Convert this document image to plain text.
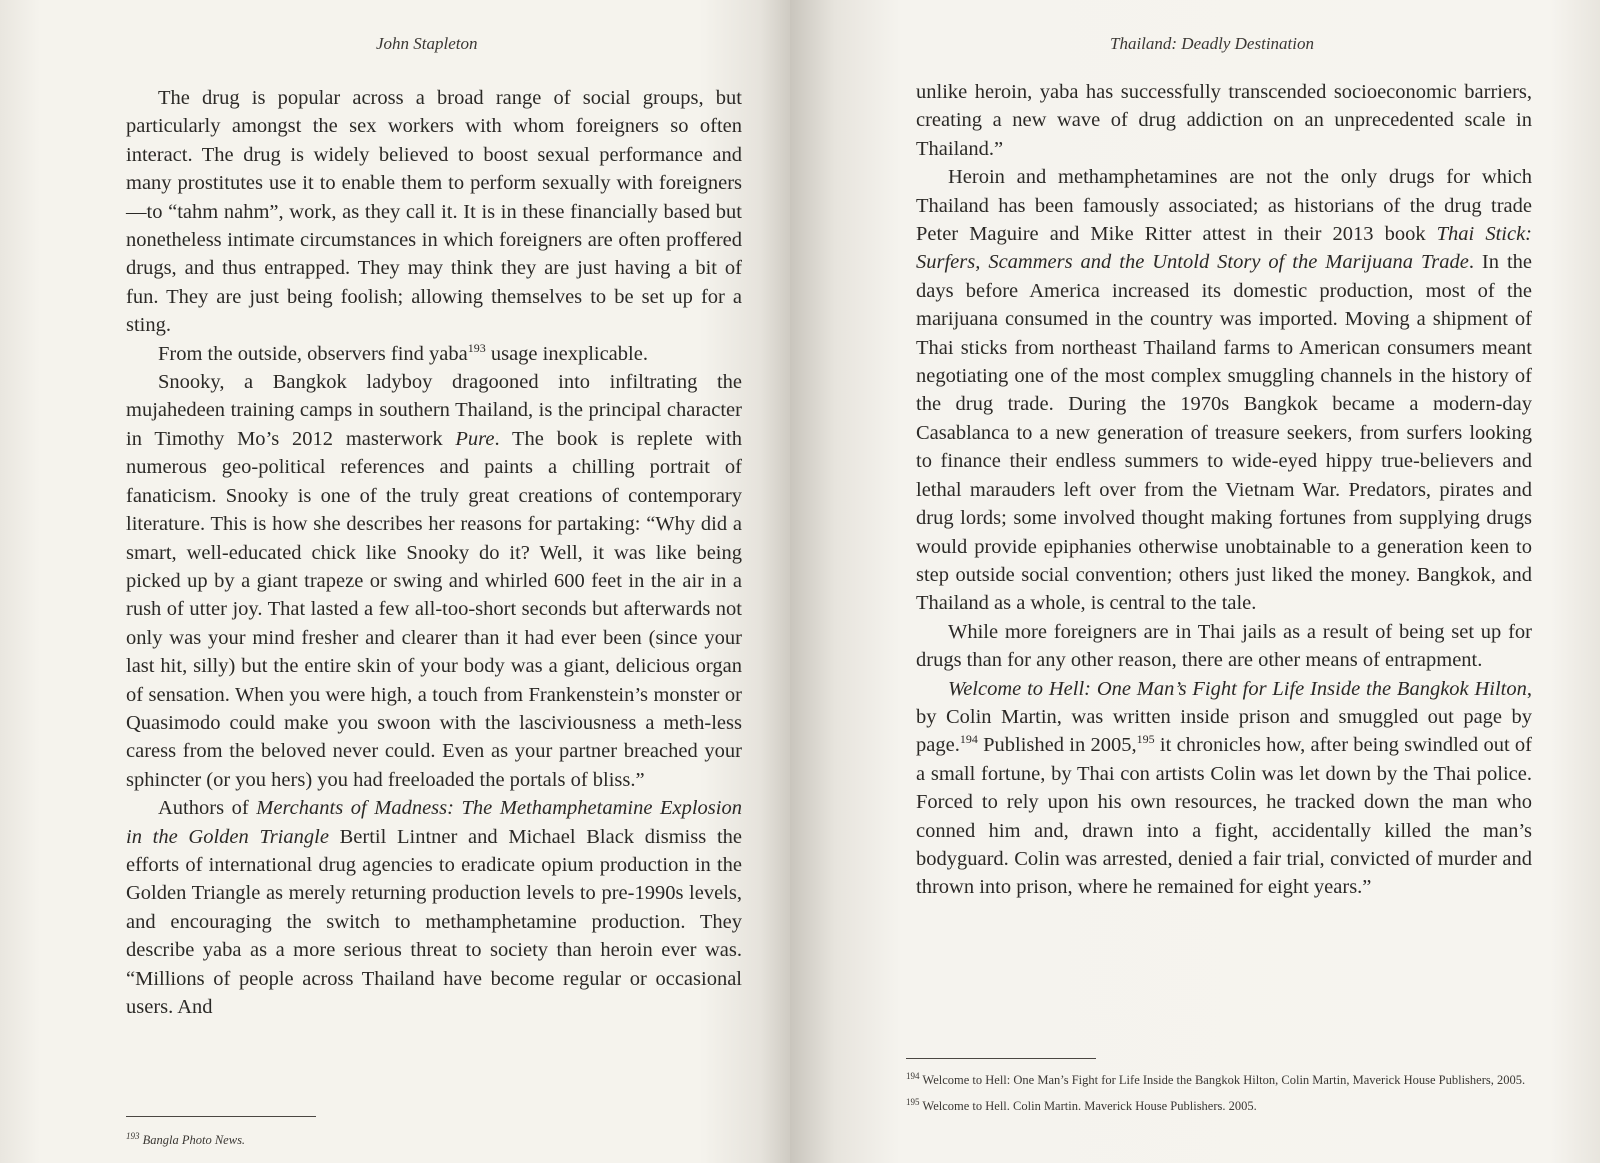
John Stapleton

The drug is popular across a broad range of social groups, but particularly amongst the sex workers with whom foreigners so often interact. The drug is widely believed to boost sexual performance and many prostitutes use it to enable them to perform sexually with foreigners—to “tahm nahm”, work, as they call it. It is in these financially based but nonetheless intimate circumstances in which foreigners are often proffered drugs, and thus entrapped. They may think they are just having a bit of fun. They are just being foolish; allowing themselves to be set up for a sting.

From the outside, observers find yaba$^{193}$ usage inexplicable.

Snooky, a Bangkok ladyboy dragooned into infiltrating the mujahedeen training camps in southern Thailand, is the principal character in Timothy Mo’s 2012 masterwork Pure. The book is replete with numerous geo-political references and paints a chilling portrait of fanaticism. Snooky is one of the truly great creations of contemporary literature. This is how she describes her reasons for partaking: “Why did a smart, well-educated chick like Snooky do it? Well, it was like being picked up by a giant trapeze or swing and whirled 600 feet in the air in a rush of utter joy. That lasted a few all-too-short seconds but afterwards not only was your mind fresher and clearer than it had ever been (since your last hit, silly) but the entire skin of your body was a giant, delicious organ of sensation. When you were high, a touch from Frankenstein’s monster or Quasimodo could make you swoon with the lasciviousness a meth-less caress from the beloved never could. Even as your partner breached your sphincter (or you hers) you had freeloaded the portals of bliss.”

Authors of Merchants of Madness: The Methamphetamine Explosion in the Golden Triangle Bertil Lintner and Michael Black dismiss the efforts of international drug agencies to eradicate opium production in the Golden Triangle as merely returning production levels to pre-1990s levels, and encouraging the switch to methamphetamine production. They describe yaba as a more serious threat to society than heroin ever was. “Millions of people across Thailand have become regular or occasional users. And

$^{193}$ Bangla Photo News.

Thailand: Deadly Destination

unlike heroin, yaba has successfully transcended socioeconomic barriers, creating a new wave of drug addiction on an unprecedented scale in Thailand.”

Heroin and methamphetamines are not the only drugs for which Thailand has been famously associated; as historians of the drug trade Peter Maguire and Mike Ritter attest in their 2013 book Thai Stick: Surfers, Scammers and the Untold Story of the Marijuana Trade. In the days before America increased its domestic production, most of the marijuana consumed in the country was imported. Moving a shipment of Thai sticks from northeast Thailand farms to American consumers meant negotiating one of the most complex smuggling channels in the history of the drug trade. During the 1970s Bangkok became a modern-day Casablanca to a new generation of treasure seekers, from surfers looking to finance their endless summers to wide-eyed hippy true-believers and lethal marauders left over from the Vietnam War. Predators, pirates and drug lords; some involved thought making fortunes from supplying drugs would provide epiphanies otherwise unobtainable to a generation keen to step outside social convention; others just liked the money. Bangkok, and Thailand as a whole, is central to the tale.

While more foreigners are in Thai jails as a result of being set up for drugs than for any other reason, there are other means of entrapment.

Welcome to Hell: One Man’s Fight for Life Inside the Bangkok Hilton, by Colin Martin, was written inside prison and smuggled out page by page.$^{194}$ Published in 2005,$^{195}$ it chronicles how, after being swindled out of a small fortune, by Thai con artists Colin was let down by the Thai police. Forced to rely upon his own resources, he tracked down the man who conned him and, drawn into a fight, accidentally killed the man’s bodyguard. Colin was arrested, denied a fair trial, convicted of murder and thrown into prison, where he remained for eight years.”

$^{194}$ Welcome to Hell: One Man’s Fight for Life Inside the Bangkok Hilton, Colin Martin, Maverick House Publishers, 2005.

$^{195}$ Welcome to Hell. Colin Martin. Maverick House Publishers. 2005.
